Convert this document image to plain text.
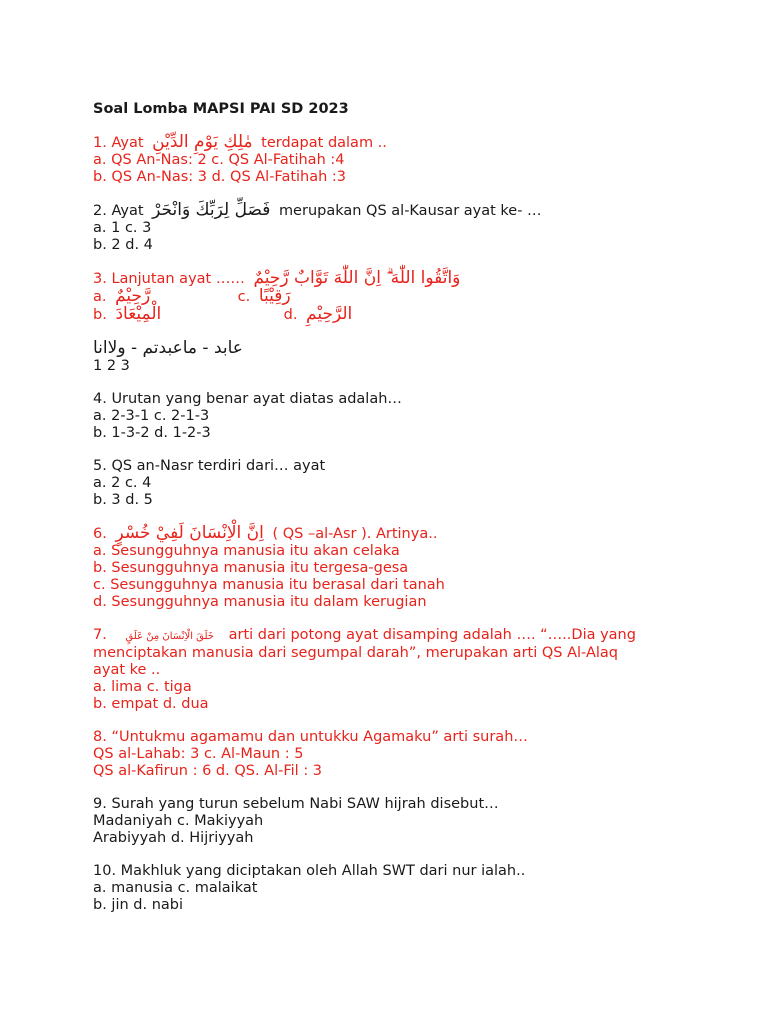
Soal Lomba MAPSI PAI SD 2023
1. Ayat مٰلِكِ يَوْمِ الدِّيْنِ terdapat dalam ..
a. QS An-Nas: 2 c. QS Al-Fatihah :4
b. QS An-Nas: 3 d. QS Al-Fatihah :3
2. Ayat فَصَلِّ لِرَبِّكَ وَانْحَرْ merupakan QS al-Kausar ayat ke- …
a. 1 c. 3
b. 2 d. 4
3. Lanjutan ayat …… وَاتَّقُوا اللّٰهَ ۗ اِنَّ اللّٰهَ تَوَّابٌ رَّحِيْمٌ
a. رَّحِيْمٌ	c. رَقِيْبًا
b. الْمِيْعَادَ	d. الرَّحِيْمِ
عابد - ماعبدتم - ولاانا
1 2 3
4. Urutan yang benar ayat diatas adalah…
a. 2-3-1 c. 2-1-3
b. 1-3-2 d. 1-2-3
5. QS an-Nasr terdiri dari… ayat
a. 2 c. 4
b. 3 d. 5
6. اِنَّ الْاِنْسَانَ لَفِيْ خُسْرٍ ( QS –al-Asr ). Artinya..
a. Sesungguhnya manusia itu akan celaka
b. Sesungguhnya manusia itu tergesa-gesa
c. Sesungguhnya manusia itu berasal dari tanah
d. Sesungguhnya manusia itu dalam kerugian
7. خَلَقَ الْاِنْسَانَ مِنْ عَلَقٍ arti dari potong ayat disamping adalah …. “…..Dia yang
menciptakan manusia dari segumpal darah”, merupakan arti QS Al-Alaq
ayat ke ..
a. lima c. tiga
b. empat d. dua
8. “Untukmu agamamu dan untukku Agamaku” arti surah…
QS al-Lahab: 3 c. Al-Maun : 5
QS al-Kafirun : 6 d. QS. Al-Fil : 3
9. Surah yang turun sebelum Nabi SAW hijrah disebut…
Madaniyah c. Makiyyah
Arabiyyah d. Hijriyyah
10. Makhluk yang diciptakan oleh Allah SWT dari nur ialah..
a. manusia c. malaikat
b. jin d. nabi
